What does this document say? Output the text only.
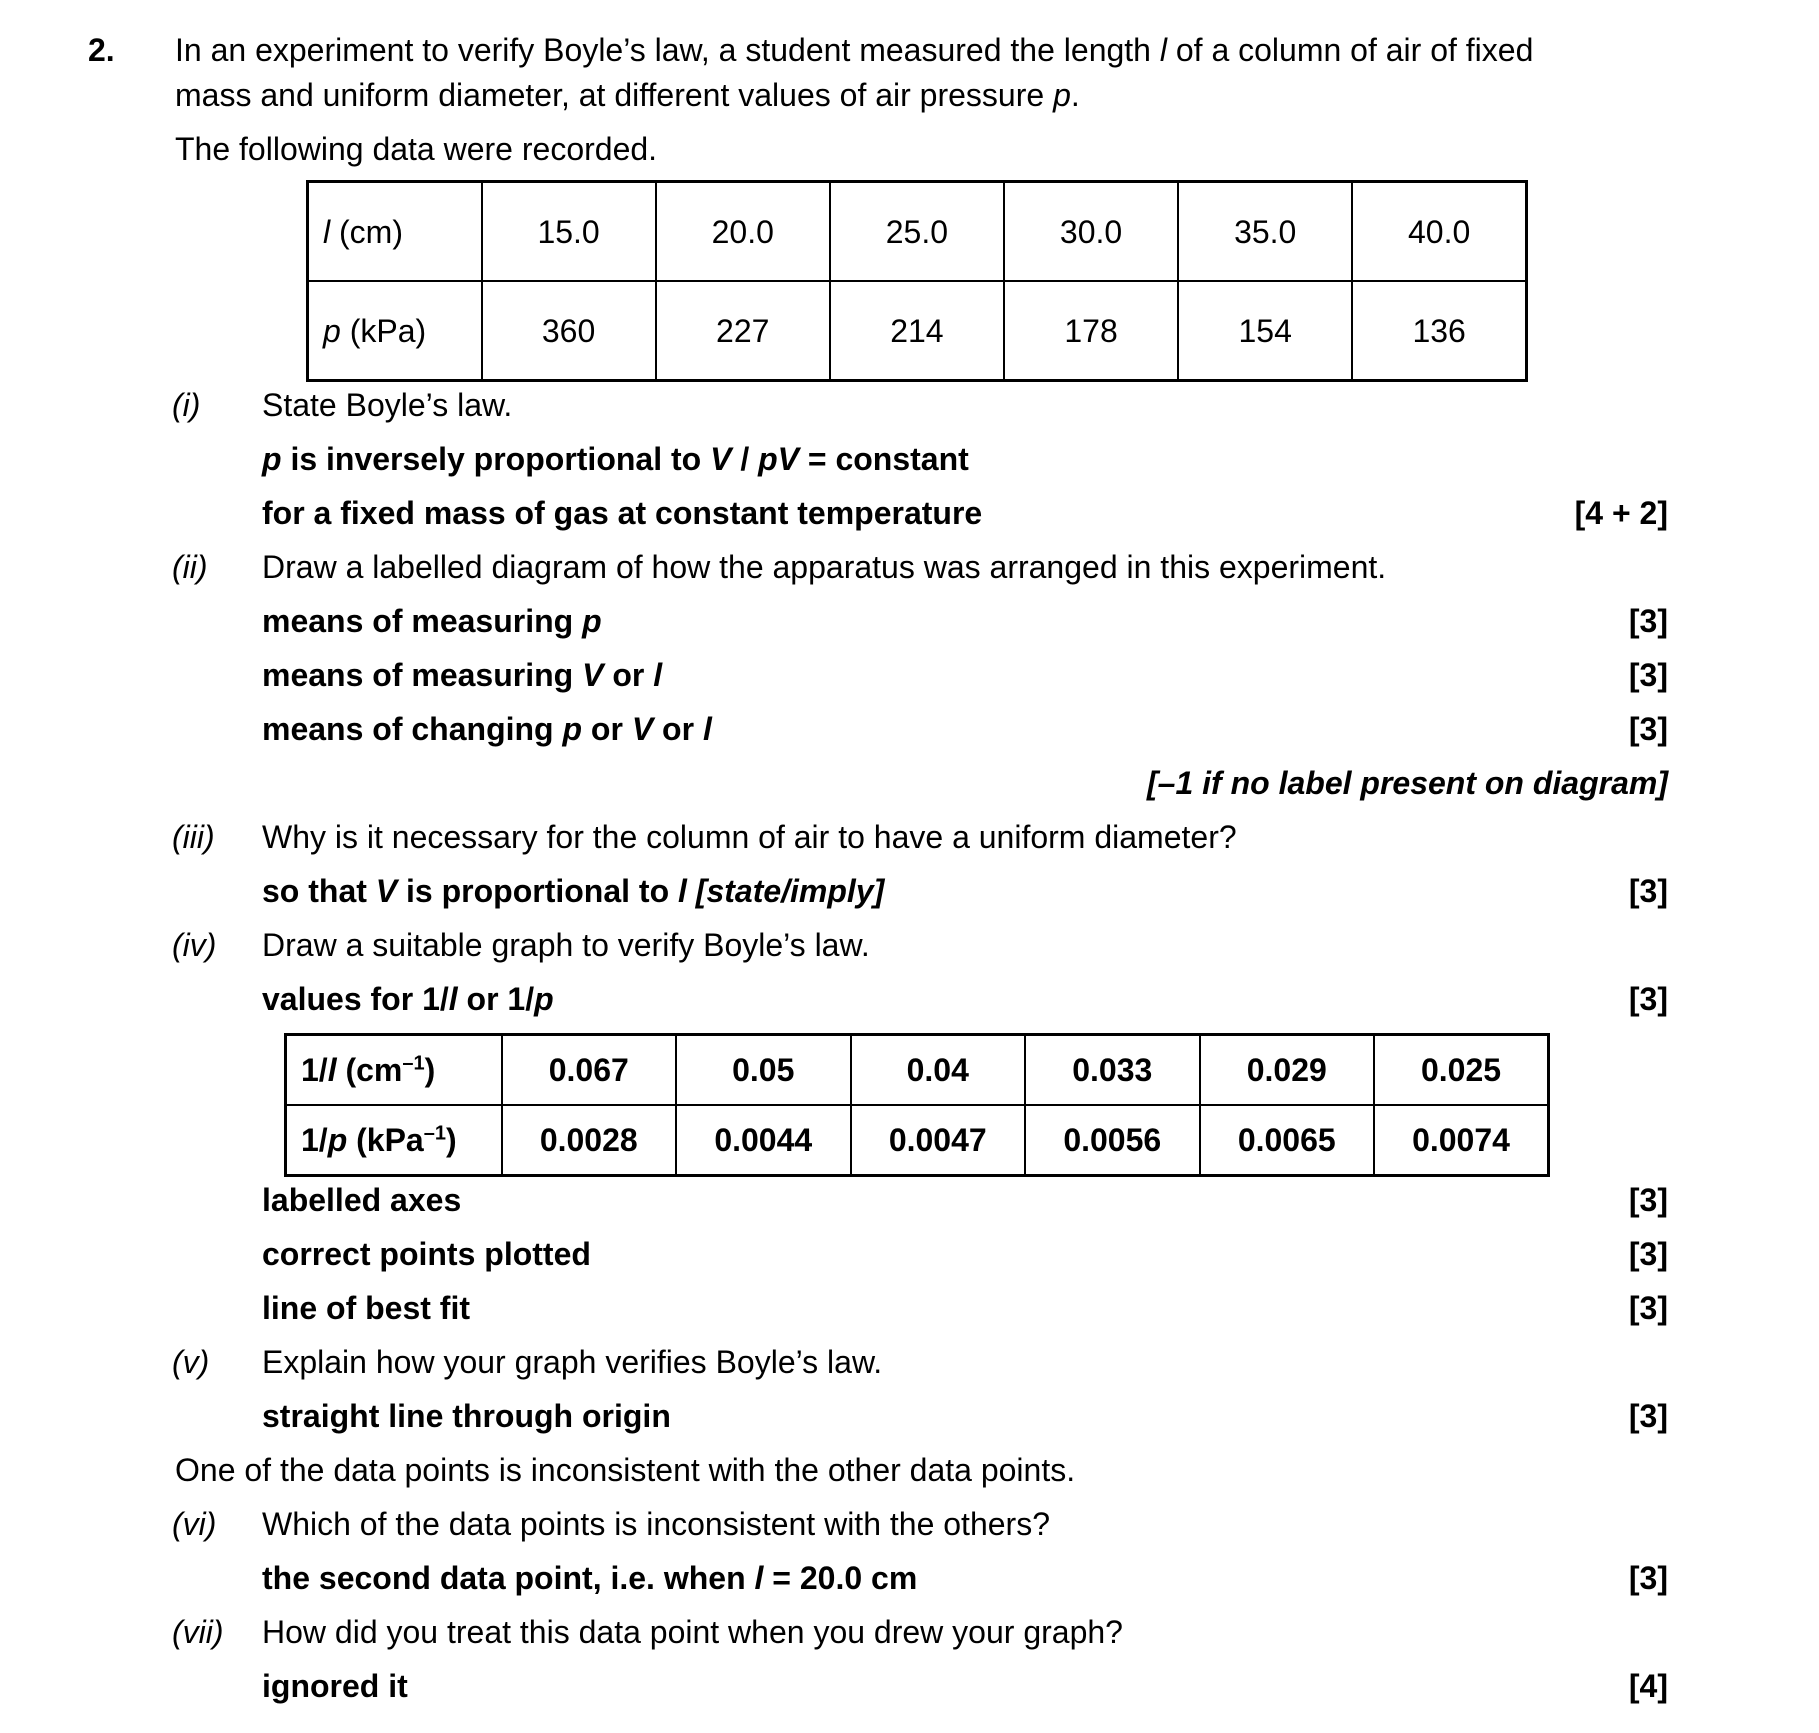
2. In an experiment to verify Boyle’s law, a student measured the length l of a column of air of fixed
mass and uniform diameter, at different values of air pressure p.
The following data were recorded.
l (cm)	15.0	20.0	25.0	30.0	35.0	40.0
p (kPa)	360	227	214	178	154	136
(i) State Boyle’s law.
p is inversely proportional to V / pV = constant
for a fixed mass of gas at constant temperature	[4 + 2]
(ii) Draw a labelled diagram of how the apparatus was arranged in this experiment.
means of measuring p	[3]
means of measuring V or l	[3]
means of changing p or V or l	[3]
[–1 if no label present on diagram]
(iii) Why is it necessary for the column of air to have a uniform diameter?
so that V is proportional to l [state/imply]	[3]
(iv) Draw a suitable graph to verify Boyle’s law.
values for 1/l or 1/p	[3]
1/l $(cm^{-1})$	0.067	0.05	0.04	0.033	0.029	0.025
1/p (kPa$^{-1}$)	0.0028	0.0044	0.0047	0.0056	0.0065	0.0074
labelled axes	[3]
correct points plotted	[3]
line of best fit	[3]
(v) Explain how your graph verifies Boyle’s law.
straight line through origin	[3]
One of the data points is inconsistent with the other data points.
(vi) Which of the data points is inconsistent with the others?
the second data point, i.e. when l = 20.0 cm	[3]
(vii) How did you treat this data point when you drew your graph?
ignored it	[4]
